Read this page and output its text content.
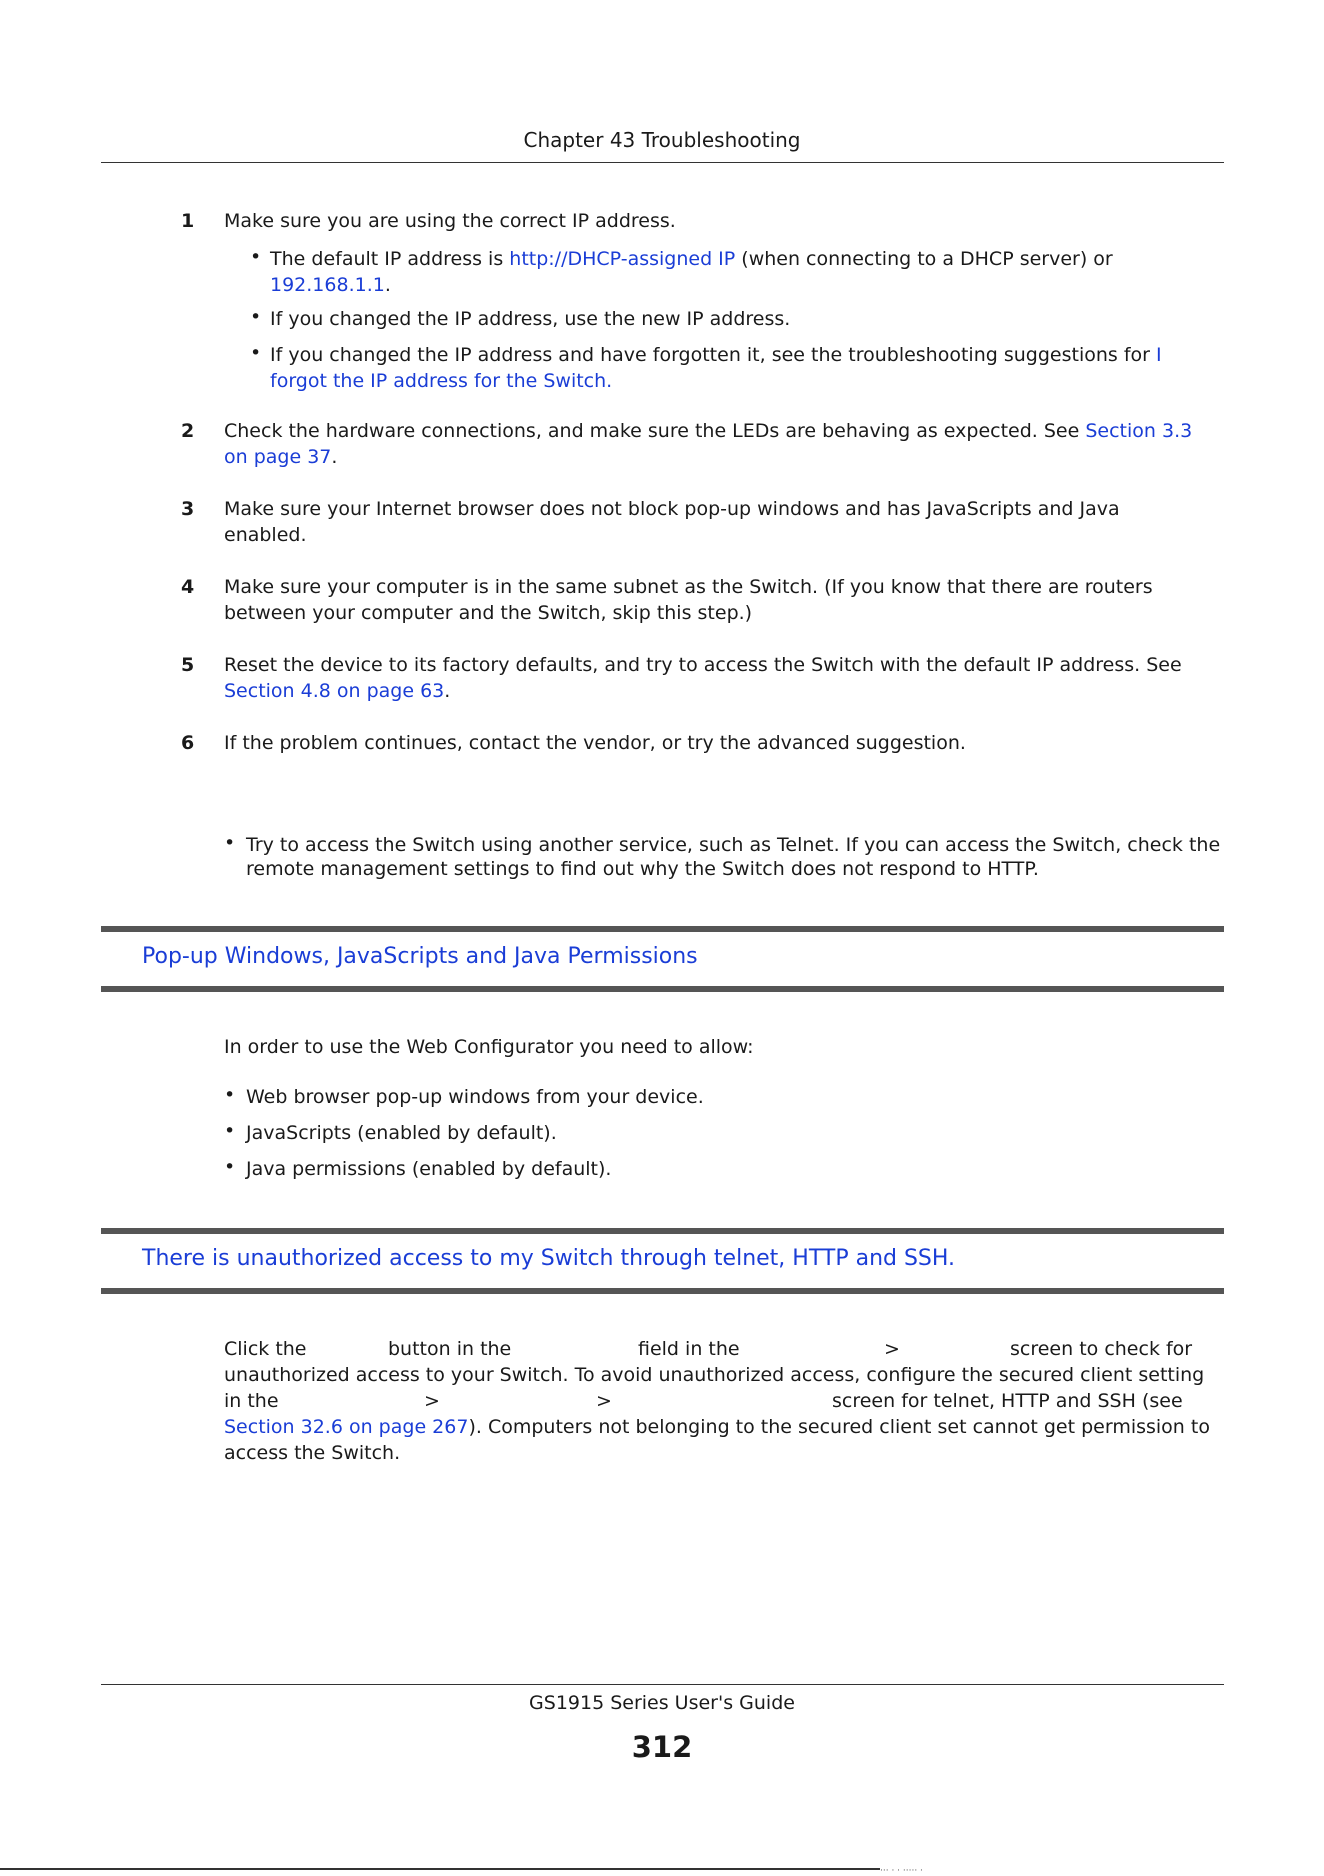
Chapter 43 Troubleshooting
1 Make sure you are using the correct IP address.
• The default IP address is http://DHCP-assigned IP (when connecting to a DHCP server) or
192.168.1.1.
• If you changed the IP address, use the new IP address.
• If you changed the IP address and have forgotten it, see the troubleshooting suggestions for I
forgot the IP address for the Switch.
2 Check the hardware connections, and make sure the LEDs are behaving as expected. See Section 3.3
on page 37.
3 Make sure your Internet browser does not block pop-up windows and has JavaScripts and Java
enabled.
4 Make sure your computer is in the same subnet as the Switch. (If you know that there are routers
between your computer and the Switch, skip this step.)
5 Reset the device to its factory defaults, and try to access the Switch with the default IP address. See
Section 4.8 on page 63.
6 If the problem continues, contact the vendor, or try the advanced suggestion.
• Try to access the Switch using another service, such as Telnet. If you can access the Switch, check the
remote management settings to find out why the Switch does not respond to HTTP.
Pop-up Windows, JavaScripts and Java Permissions
In order to use the Web Configurator you need to allow:
• Web browser pop-up windows from your device.
• JavaScripts (enabled by default).
• Java permissions (enabled by default).
There is unauthorized access to my Switch through telnet, HTTP and SSH.
Click the	button in the	field in the	>	screen to check for
unauthorized access to your Switch. To avoid unauthorized access, configure the secured client setting
in the	>	>	screen for telnet, HTTP and SSH (see
Section 32.6 on page 267). Computers not belonging to the secured client set cannot get permission to
access the Switch.
GS1915 Series User's Guide
312
··· · · ····· ·
